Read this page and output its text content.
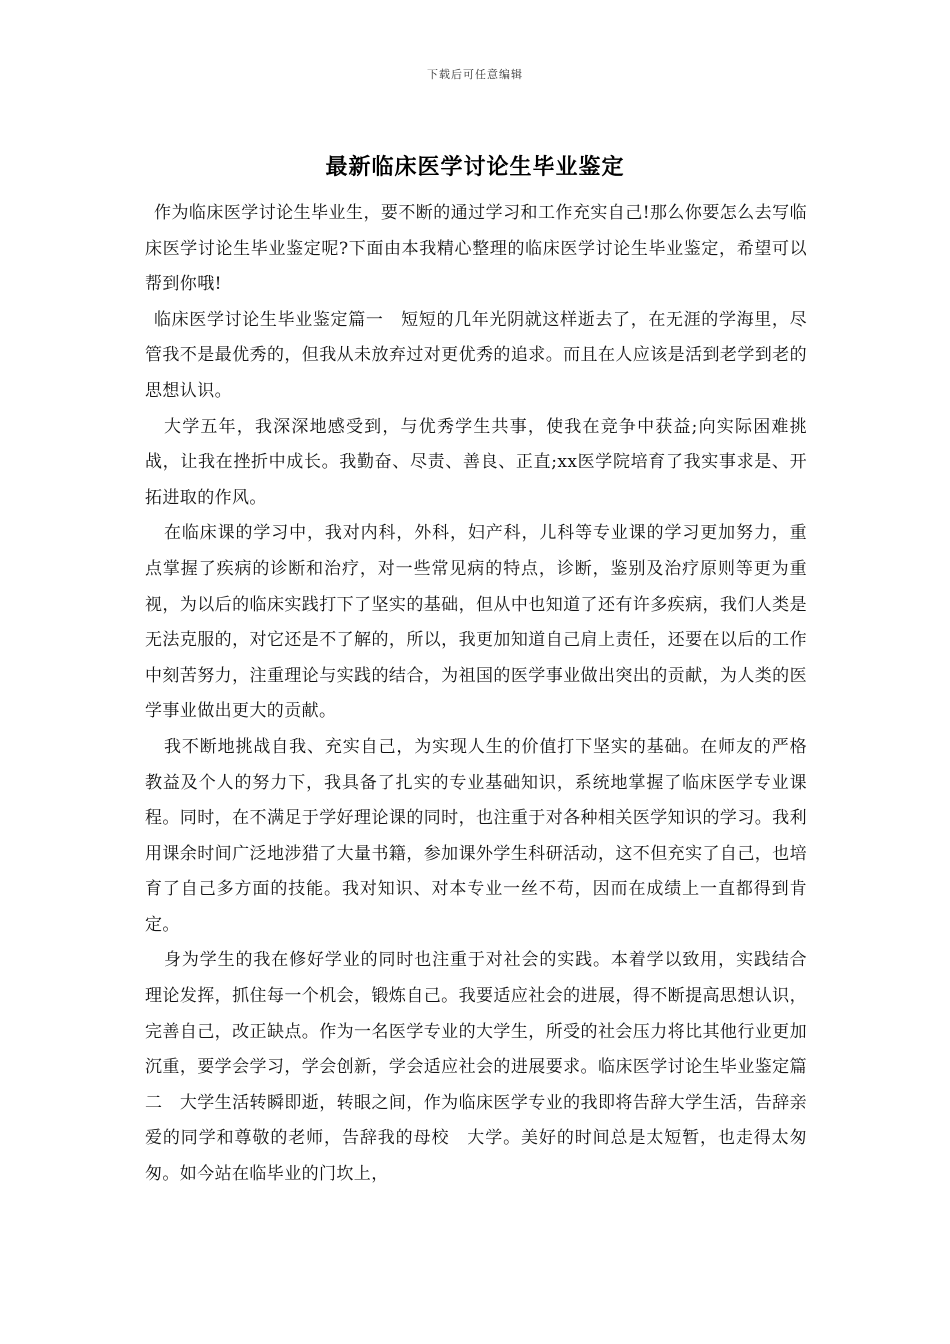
下载后可任意编辑
最新临床医学讨论生毕业鉴定

作为临床医学讨论生毕业生，要不断的通过学习和工作充实自己!那么你要怎么去写临床医学讨论生毕业鉴定呢?下面由本我精心整理的临床医学讨论生毕业鉴定，希望可以帮到你哦!

临床医学讨论生毕业鉴定篇一　短短的几年光阴就这样逝去了，在无涯的学海里，尽管我不是最优秀的，但我从未放弃过对更优秀的追求。而且在人应该是活到老学到老的思想认识。

大学五年，我深深地感受到，与优秀学生共事，使我在竞争中获益;向实际困难挑战，让我在挫折中成长。我勤奋、尽责、善良、正直;xx医学院培育了我实事求是、开拓进取的作风。

在临床课的学习中，我对内科，外科，妇产科，儿科等专业课的学习更加努力，重点掌握了疾病的诊断和治疗，对一些常见病的特点，诊断，鉴别及治疗原则等更为重视，为以后的临床实践打下了坚实的基础，但从中也知道了还有许多疾病，我们人类是无法克服的，对它还是不了解的，所以，我更加知道自己肩上责任，还要在以后的工作中刻苦努力，注重理论与实践的结合，为祖国的医学事业做出突出的贡献，为人类的医学事业做出更大的贡献。

我不断地挑战自我、充实自己，为实现人生的价值打下坚实的基础。在师友的严格教益及个人的努力下，我具备了扎实的专业基础知识，系统地掌握了临床医学专业课程。同时，在不满足于学好理论课的同时，也注重于对各种相关医学知识的学习。我利用课余时间广泛地涉猎了大量书籍，参加课外学生科研活动，这不但充实了自己，也培育了自己多方面的技能。我对知识、对本专业一丝不苟，因而在成绩上一直都得到肯定。

身为学生的我在修好学业的同时也注重于对社会的实践。本着学以致用，实践结合理论发挥，抓住每一个机会，锻炼自己。我要适应社会的进展，得不断提高思想认识，完善自己，改正缺点。作为一名医学专业的大学生，所受的社会压力将比其他行业更加沉重，要学会学习，学会创新，学会适应社会的进展要求。临床医学讨论生毕业鉴定篇二　大学生活转瞬即逝，转眼之间，作为临床医学专业的我即将告辞大学生活，告辞亲爱的同学和尊敬的老师，告辞我的母校　大学。美好的时间总是太短暂，也走得太匆匆。如今站在临毕业的门坎上，
